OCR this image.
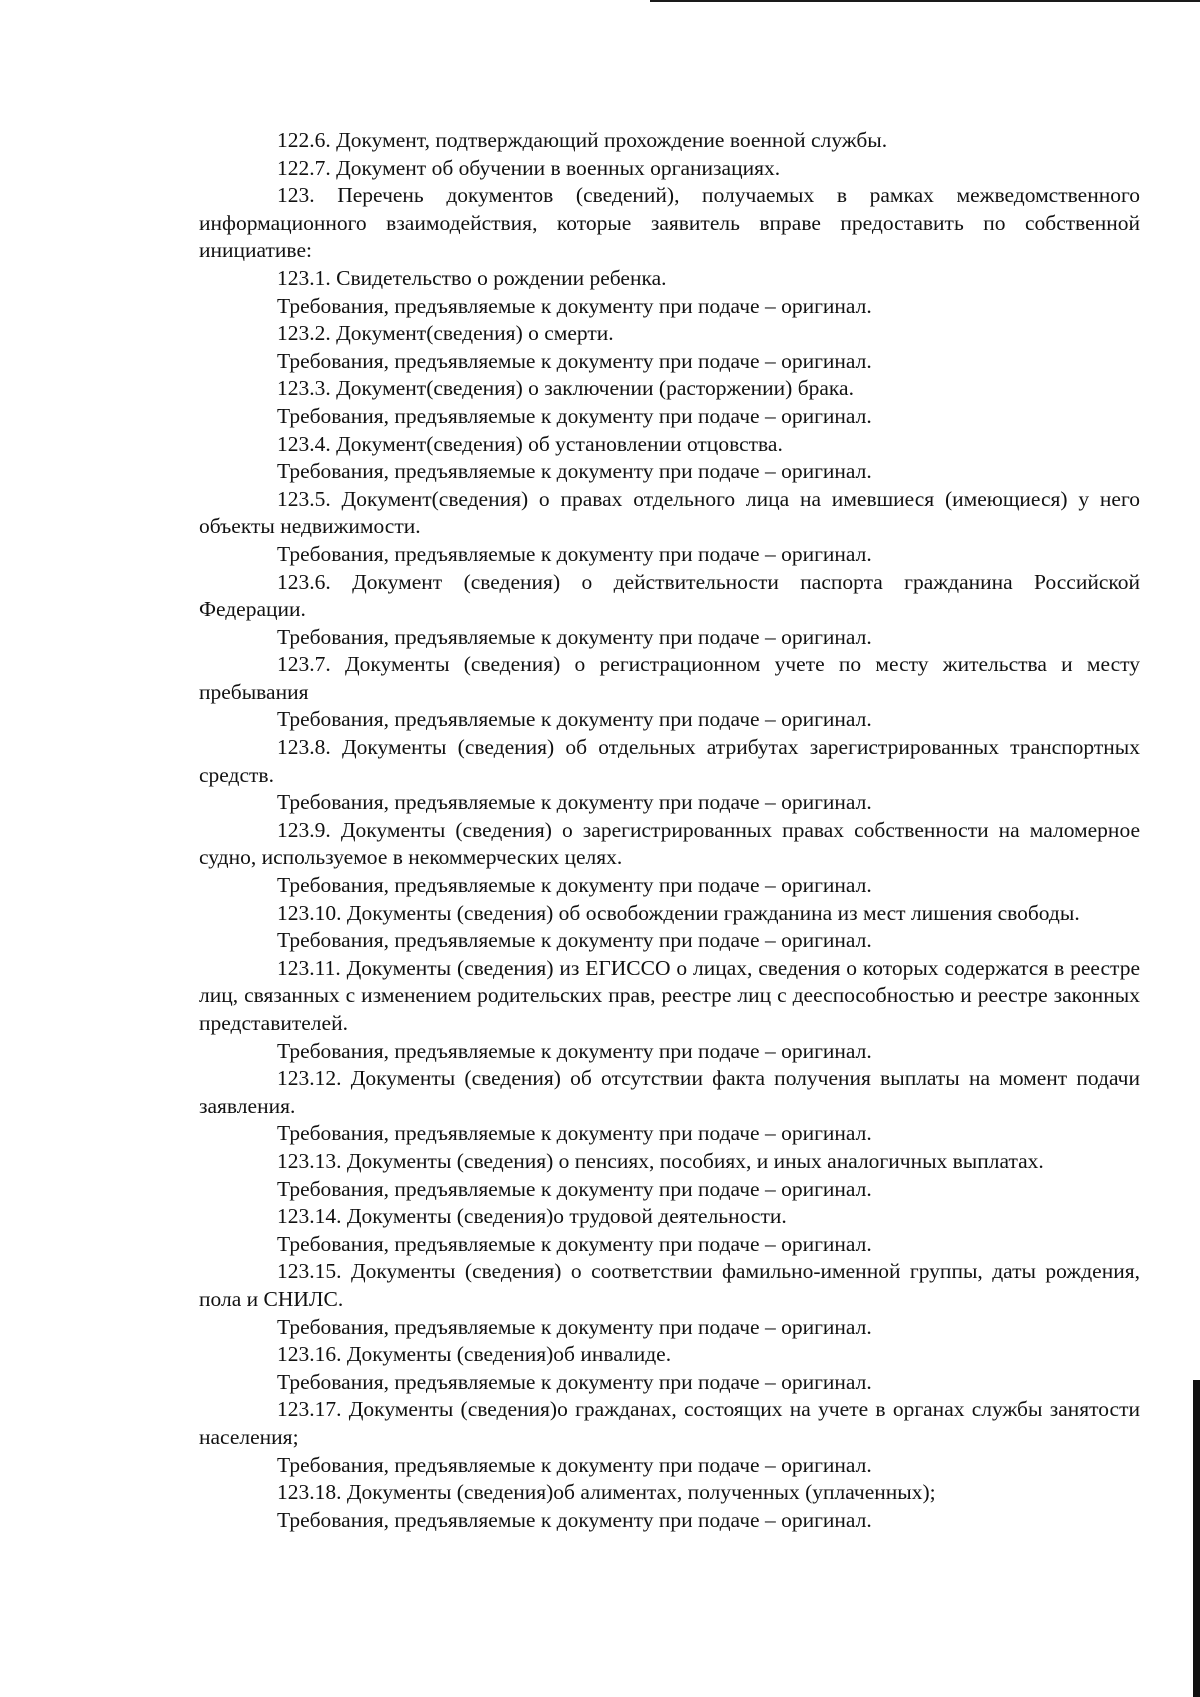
122.6. Документ, подтверждающий прохождение военной службы.

122.7. Документ об обучении в военных организациях.

123. Перечень документов (сведений), получаемых в рамках межведомственного информационного взаимодействия, которые заявитель вправе предоставить по собственной инициативе:

123.1. Свидетельство о рождении ребенка.

Требования, предъявляемые к документу при подаче – оригинал.

123.2. Документ(сведения) о смерти.

Требования, предъявляемые к документу при подаче – оригинал.

123.3. Документ(сведения) о заключении (расторжении) брака.

Требования, предъявляемые к документу при подаче – оригинал.

123.4. Документ(сведения) об установлении отцовства.

Требования, предъявляемые к документу при подаче – оригинал.

123.5. Документ(сведения) о правах отдельного лица на имевшиеся (имеющиеся) у него объекты недвижимости.

Требования, предъявляемые к документу при подаче – оригинал.

123.6. Документ (сведения) о действительности паспорта гражданина Российской Федерации.

Требования, предъявляемые к документу при подаче – оригинал.

123.7. Документы (сведения) о регистрационном учете по месту жительства и месту пребывания

Требования, предъявляемые к документу при подаче – оригинал.

123.8. Документы (сведения) об отдельных атрибутах зарегистрированных транспортных средств.

Требования, предъявляемые к документу при подаче – оригинал.

123.9. Документы (сведения) о зарегистрированных правах собственности на маломерное судно, используемое в некоммерческих целях.

Требования, предъявляемые к документу при подаче – оригинал.

123.10. Документы (сведения) об освобождении гражданина из мест лишения свободы.

Требования, предъявляемые к документу при подаче – оригинал.

123.11. Документы (сведения) из ЕГИССО о лицах, сведения о которых содержатся в реестре лиц, связанных с изменением родительских прав, реестре лиц с дееспособностью и реестре законных представителей.

Требования, предъявляемые к документу при подаче – оригинал.

123.12. Документы (сведения) об отсутствии факта получения выплаты на момент подачи заявления.

Требования, предъявляемые к документу при подаче – оригинал.

123.13. Документы (сведения) о пенсиях, пособиях, и иных аналогичных выплатах.

Требования, предъявляемые к документу при подаче – оригинал.

123.14. Документы (сведения)о трудовой деятельности.

Требования, предъявляемые к документу при подаче – оригинал.

123.15. Документы (сведения) о соответствии фамильно-именной группы, даты рождения, пола и СНИЛС.

Требования, предъявляемые к документу при подаче – оригинал.

123.16. Документы (сведения)об инвалиде.

Требования, предъявляемые к документу при подаче – оригинал.

123.17. Документы (сведения)о гражданах, состоящих на учете в органах службы занятости населения;

Требования, предъявляемые к документу при подаче – оригинал.

123.18. Документы (сведения)об алиментах, полученных (уплаченных);

Требования, предъявляемые к документу при подаче – оригинал.
